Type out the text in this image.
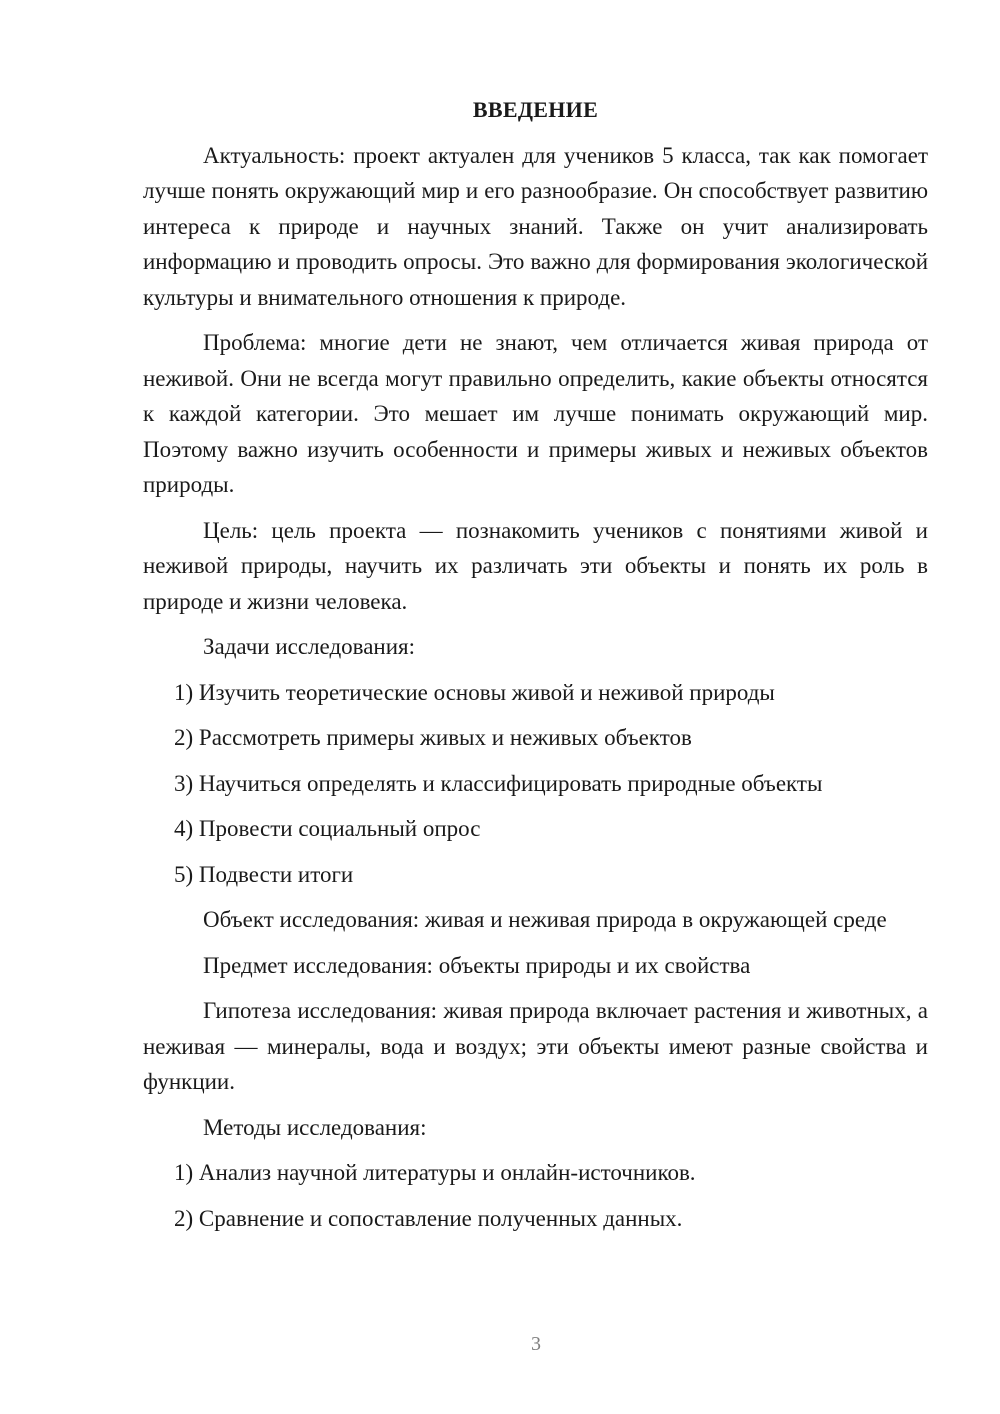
ВВЕДЕНИЕ
Актуальность: проект актуален для учеников 5 класса, так как помогает лучше понять окружающий мир и его разнообразие. Он способствует развитию интереса к природе и научных знаний. Также он учит анализировать информацию и проводить опросы. Это важно для формирования экологической культуры и внимательного отношения к природе.
Проблема: многие дети не знают, чем отличается живая природа от неживой. Они не всегда могут правильно определить, какие объекты относятся к каждой категории. Это мешает им лучше понимать окружающий мир. Поэтому важно изучить особенности и примеры живых и неживых объектов природы.
Цель: цель проекта — познакомить учеников с понятиями живой и неживой природы, научить их различать эти объекты и понять их роль в природе и жизни человека.
Задачи исследования:
1) Изучить теоретические основы живой и неживой природы
2) Рассмотреть примеры живых и неживых объектов
3) Научиться определять и классифицировать природные объекты
4) Провести социальный опрос
5) Подвести итоги
Объект исследования: живая и неживая природа в окружающей среде
Предмет исследования: объекты природы и их свойства
Гипотеза исследования: живая природа включает растения и животных, а неживая — минералы, вода и воздух; эти объекты имеют разные свойства и функции.
Методы исследования:
1) Анализ научной литературы и онлайн-источников.
2) Сравнение и сопоставление полученных данных.
3
